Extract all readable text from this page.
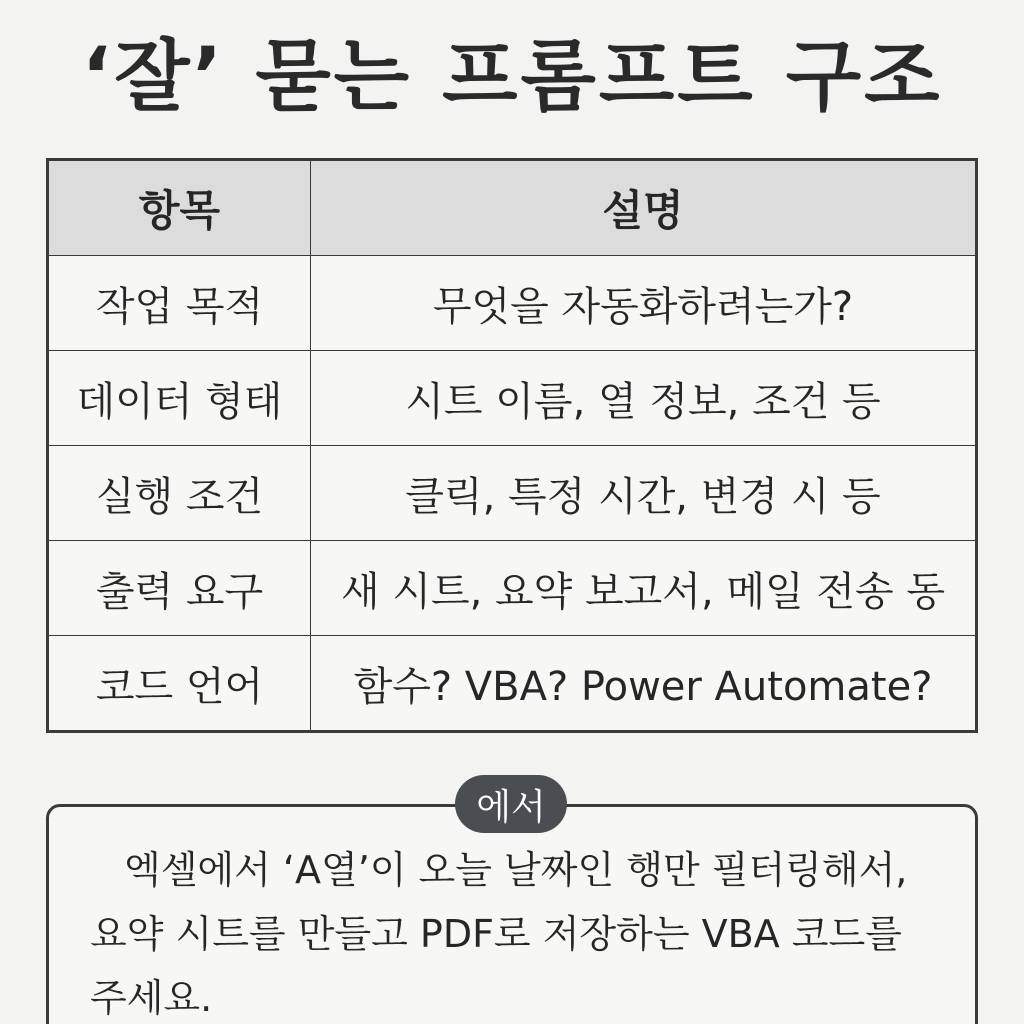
‘잘’ 묻는 프롬프트 구조
항목	설명
작업 목적	무엇을 자동화하려는가?
데이터 형태	시트 이름, 열 정보, 조건 등
실행 조건	클릭, 특정 시간, 변경 시 등
출력 요구	새 시트, 요약 보고서, 메일 전송 동
코드 언어	함수? VBA? Power Automate?
에서
엑셀에서 ‘A열’이 오늘 날짜인 행만 필터링해서,
요약 시트를 만들고 PDF로 저장하는 VBA 코드를
주세요.
